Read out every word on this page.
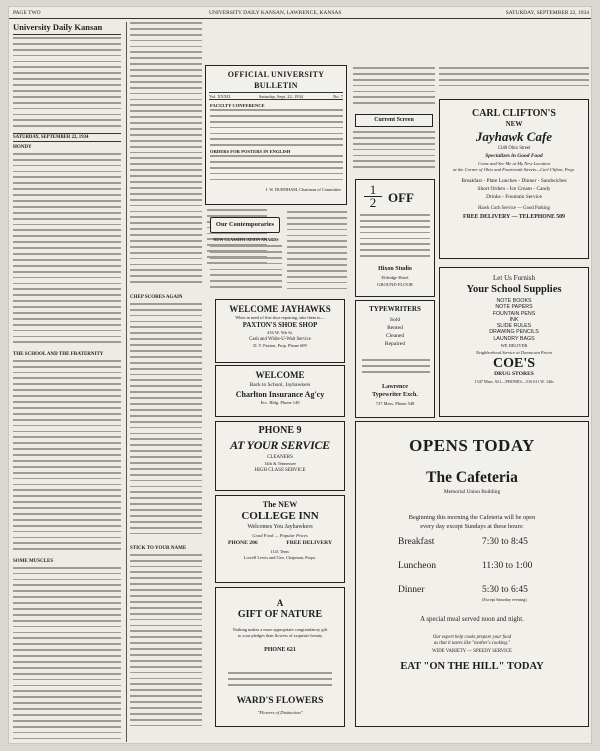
PAGE TWO	UNIVERSITY DAILY KANSAN, LAWRENCE, KANSAS	SATURDAY, SEPTEMBER 22, 1934
University Daily Kansan
SATURDAY, SEPTEMBER 22, 1934
HONDY
THE SCHOOL AND THE FRATERNITY
SOME MUSCLES
CHEP SCORES AGAIN
STICK TO YOUR NAME
OFFICIAL UNIVERSITY BULLETIN
Vol. XXXII	Saturday, Sept. 22, 1934	No. 7
FACULTY CONFERENCE
ORDERS FOR POSTERS IN ENGLISH
J. W. BURNHAM, Chairman of Committee
Our Contemporaries
NEW CLASSIFICATION AWARDS
Current Screen
CARL CLIFTON'S
NEW
Jayhawk Cafe
1340 Ohio Street
Specializes in Good Food
Come and See Me at My New Location
at the Corner of Ohio and Fourteenth Streets—Carl Clifton, Prop.
Breakfast - Plate Lunches - Dinner - Sandwiches
Short Orders - Ice Cream - Candy
Drinks - Fountain Service
Hawk Curb Service — Good Parking
FREE DELIVERY — TELEPHONE 509
1
2 OFF
Hixon Studio
Eldridge Hotel
GROUND FLOOR
WELCOME JAYHAWKS
When in need of fine shoe repairing, take them to—
PAXTON'S SHOE SHOP
416 W. 9th St.
Cash and While-U-Wait Service
D. T. Paxton, Prop. Phone 609
TYPEWRITERS
Sold
Rented
Cleaned
Repaired
Lawrence
Typewriter Exch.
737 Mass. Phone 548
Let Us Furnish
Your School Supplies
NOTE BOOKS
NOTE PAPERS
FOUNTAIN PENS
INK
SLIDE RULES
DRAWING PENCILS
LAUNDRY BAGS
WE DELIVER
Neighborhood Service at Downtown Prices
COE'S
DRUG STORES
1347 Mass. 921—PHONES—516 611 W. 14th
WELCOME
Back to School, Jayhawkers
Charlton Insurance Ag'cy
Ecc. Bldg. Phone 149
PHONE 9
AT YOUR SERVICE
CLEANERS
14th & Tennessee
HIGH CLASS SERVICE
The NEW
COLLEGE INN
Welcomes You Jayhawkers
Good Food — Popular Prices
PHONE 206	FREE DELIVERY
1141 Tenn.
Lowell Lewis and Geo. Chapman, Props.
A
GIFT OF NATURE
Nothing makes a more appropriate congratulatory gift
to your pledges than flowers of exquisite beauty
PHONE 621
WARD'S FLOWERS
"Flowers of Distinction"
OPENS TODAY
The Cafeteria
Memorial Union Building
Beginning this morning the Cafeteria will be open
every day except Sundays at these hours:
Breakfast	7:30 to 8:45
Luncheon	11:30 to 1:00
Dinner	5:30 to 6:45
(Except Saturday evening)
A special meal served noon and night.
Our expert help cooks prepare your food
as that it tastes like "mother's cooking."
WIDE VARIETY — SPEEDY SERVICE
EAT "ON THE HILL" TODAY
